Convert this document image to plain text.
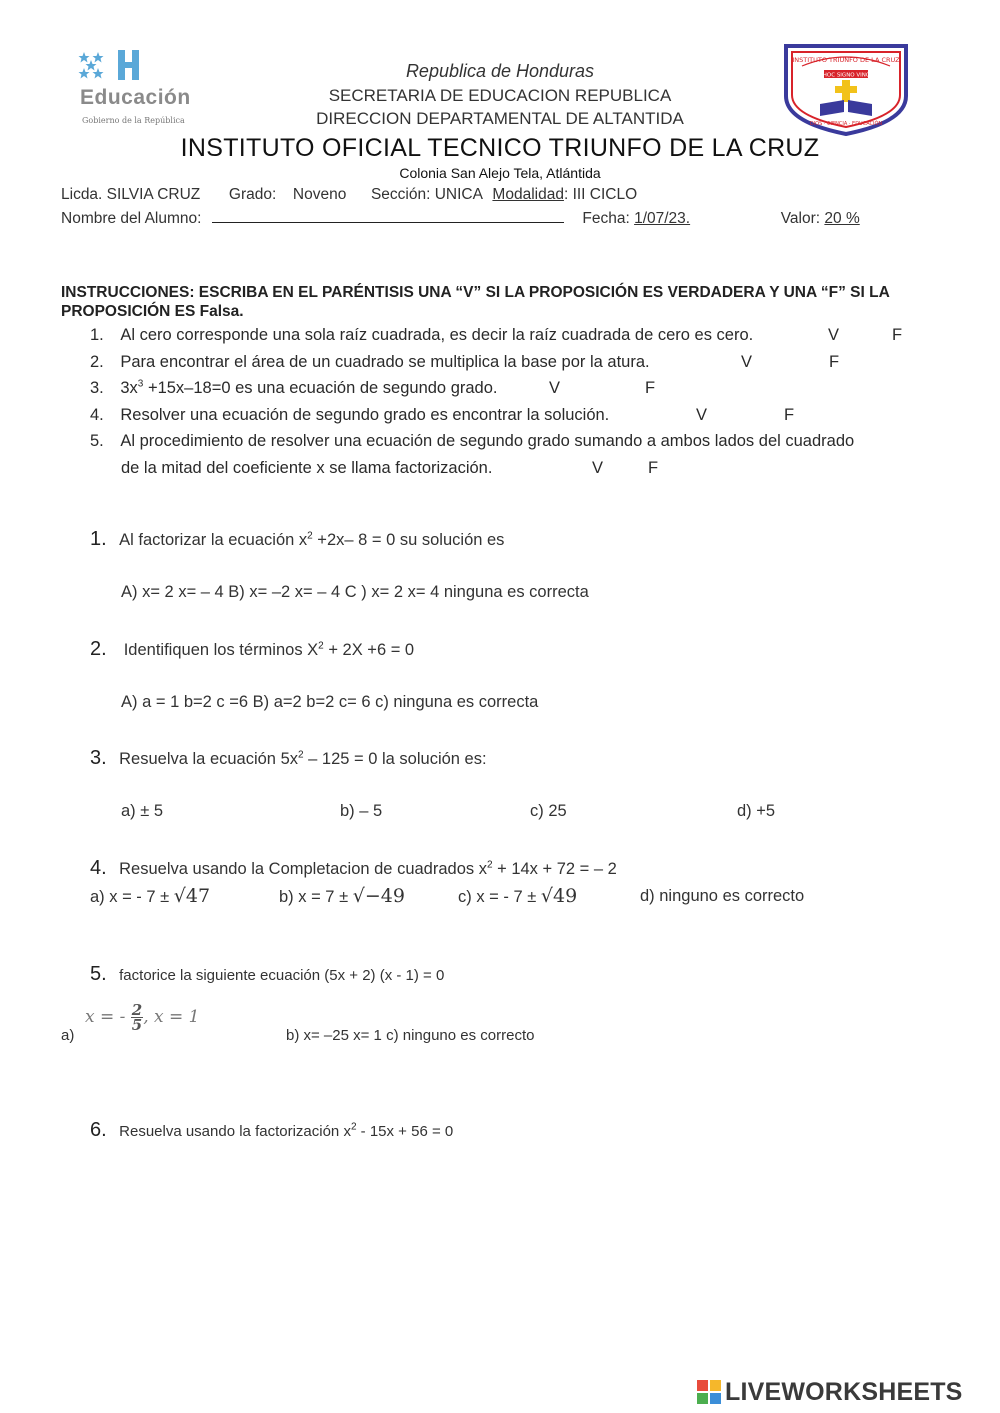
Educación
Gobierno de la República
Republica de Honduras
SECRETARIA DE EDUCACION REPUBLICA
DIRECCION DEPARTAMENTAL DE ALTANTIDA
INSTITUTO OFICIAL TECNICO TRIUNFO DE LA CRUZ
Colonia San Alejo Tela, Atlántida
INSTITUTO TRIUNFO DE LA CRUZ
IN HOC SIGNO VINCES
DIOS · CIENCIA · EDUCACIÓN
Licda. SILVIA CRUZ Grado: Noveno Sección: UNICA Modalidad: III CICLO
Nombre del Alumno:	Fecha: 1/07/23.	Valor: 20 %
INSTRUCCIONES: ESCRIBA EN EL PARÉNTISIS UNA “V” SI LA PROPOSICIÓN ES VERDADERA Y UNA “F” SI LA PROPOSICIÓN ES Falsa.
1. Al cero corresponde una sola raíz cuadrada, es decir la raíz cuadrada de cero es cero.	V	F
2. Para encontrar el área de un cuadrado se multiplica la base por la atura.	V	F
3. $3x^3 +15x-18=0$ es una ecuación de segundo grado.	V	F
4. Resolver una ecuación de segundo grado es encontrar la solución.	V	F
5. Al procedimiento de resolver una ecuación de segundo grado sumando a ambos lados del cuadrado
de la mitad del coeficiente x se llama factorización.	V	F
1. Al factorizar la ecuación $x^2 +2x-$ 8 = 0 su solución es
A) x= 2 x= – 4 B) x= –2 x= – 4 C ) x= 2 x= 4 ninguna es correcta
2.  Identifiquen los términos $X^2 + 2X +6 = 0$
A) a = 1 b=2 c =6 B) a=2 b=2 c= 6 c) ninguna es correcta
3. Resuelva la ecuación $5x^2 - 125 = 0$ la solución es:
a) ± 5	b) – 5	c) 25	d) +5
4. Resuelva usando la Completacion de cuadrados $x^2 + 14x + 72$ = – 2
a) x = - 7 ± √47	b) x = 7 ± √−49	c) x = - 7 ± √49	d) ninguno es correcto
5. factorice la siguiente ecuación (5x + 2) (x - 1) = 0
a)
x = - $\frac{2}{5}$ , x = 1
b) x= –25 x= 1 c) ninguno es correcto
6. Resuelva usando la factorización $x^2 - 15x + 56 = 0$
LIVEWORKSHEETS
